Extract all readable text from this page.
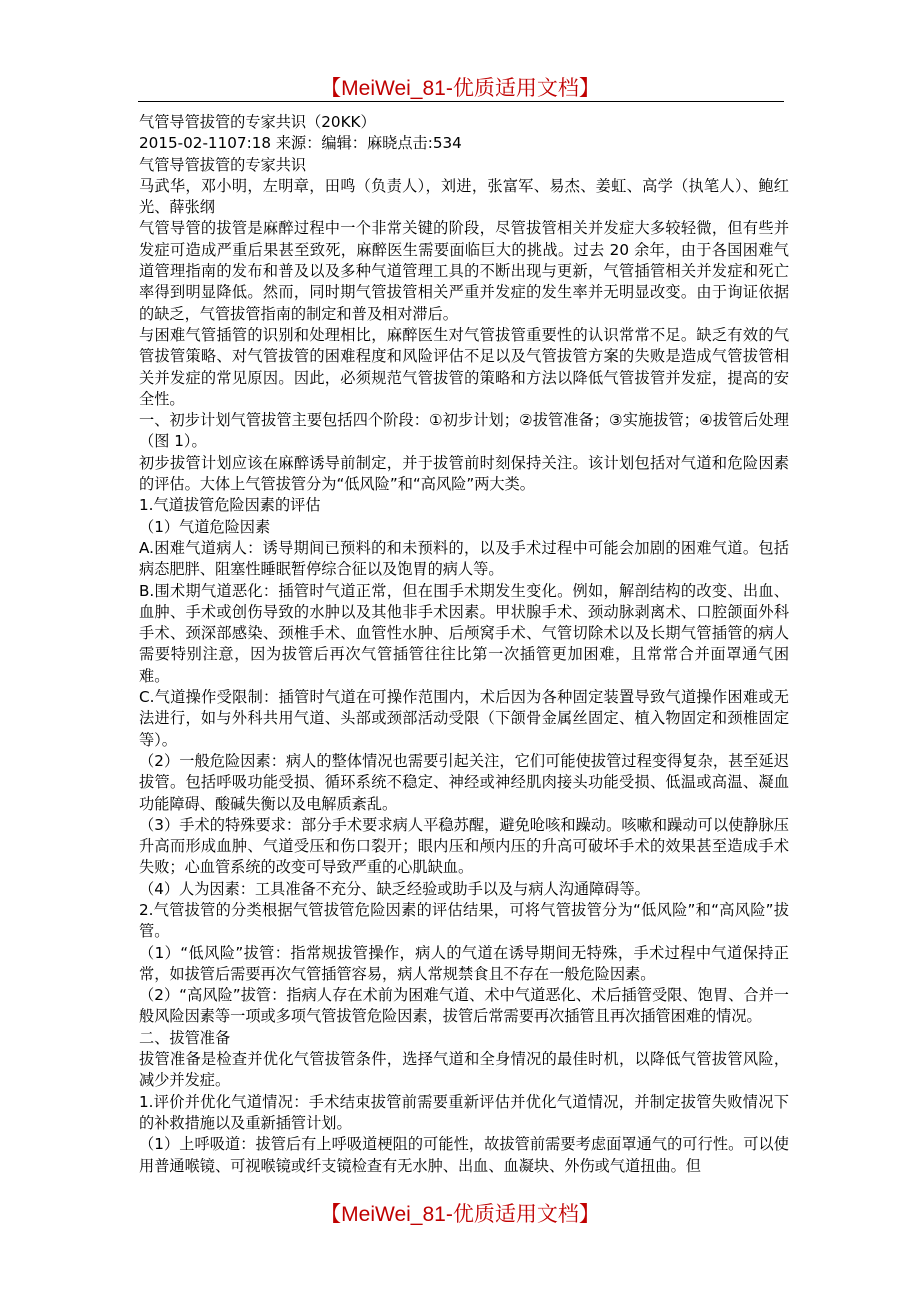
【MeiWei_81-优质适用文档】

气管导管拔管的专家共识（20KK）

2015-02-1107:18 来源：编辑：麻晓点击:534

气管导管拔管的专家共识

马武华，邓小明，左明章，田鸣（负责人），刘进，张富军、易杰、姜虹、高学（执笔人）、鲍红光、薛张纲

气管导管的拔管是麻醉过程中一个非常关键的阶段，尽管拔管相关并发症大多较轻微，但有些并发症可造成严重后果甚至致死，麻醉医生需要面临巨大的挑战。过去 20 余年，由于各国困难气道管理指南的发布和普及以及多种气道管理工具的不断出现与更新，气管插管相关并发症和死亡率得到明显降低。然而，同时期气管拔管相关严重并发症的发生率并无明显改变。由于询证依据的缺乏，气管拔管指南的制定和普及相对滞后。

与困难气管插管的识别和处理相比，麻醉医生对气管拔管重要性的认识常常不足。缺乏有效的气管拔管策略、对气管拔管的困难程度和风险评估不足以及气管拔管方案的失败是造成气管拔管相关并发症的常见原因。因此，必须规范气管拔管的策略和方法以降低气管拔管并发症，提高的安全性。

一、初步计划气管拔管主要包括四个阶段：①初步计划；②拔管准备；③实施拔管；④拔管后处理（图 1）。

初步拔管计划应该在麻醉诱导前制定，并于拔管前时刻保持关注。该计划包括对气道和危险因素的评估。大体上气管拔管分为“低风险”和“高风险”两大类。

1.气道拔管危险因素的评估

（1）气道危险因素

A.困难气道病人：诱导期间已预料的和未预料的，以及手术过程中可能会加剧的困难气道。包括病态肥胖、阻塞性睡眠暂停综合征以及饱胃的病人等。

B.围术期气道恶化：插管时气道正常，但在围手术期发生变化。例如，解剖结构的改变、出血、血肿、手术或创伤导致的水肿以及其他非手术因素。甲状腺手术、颈动脉剥离术、口腔颌面外科手术、颈深部感染、颈椎手术、血管性水肿、后颅窝手术、气管切除术以及长期气管插管的病人需要特别注意，因为拔管后再次气管插管往往比第一次插管更加困难，且常常合并面罩通气困难。

C.气道操作受限制：插管时气道在可操作范围内，术后因为各种固定装置导致气道操作困难或无法进行，如与外科共用气道、头部或颈部活动受限（下颌骨金属丝固定、植入物固定和颈椎固定等）。

（2）一般危险因素：病人的整体情况也需要引起关注，它们可能使拔管过程变得复杂，甚至延迟拔管。包括呼吸功能受损、循环系统不稳定、神经或神经肌肉接头功能受损、低温或高温、凝血功能障碍、酸碱失衡以及电解质紊乱。

（3）手术的特殊要求：部分手术要求病人平稳苏醒，避免呛咳和躁动。咳嗽和躁动可以使静脉压升高而形成血肿、气道受压和伤口裂开；眼内压和颅内压的升高可破坏手术的效果甚至造成手术失败；心血管系统的改变可导致严重的心肌缺血。

（4）人为因素：工具准备不充分、缺乏经验或助手以及与病人沟通障碍等。

2.气管拔管的分类根据气管拔管危险因素的评估结果，可将气管拔管分为“低风险”和“高风险”拔管。

（1）“低风险”拔管：指常规拔管操作，病人的气道在诱导期间无特殊，手术过程中气道保持正常，如拔管后需要再次气管插管容易，病人常规禁食且不存在一般危险因素。

（2）“高风险”拔管：指病人存在术前为困难气道、术中气道恶化、术后插管受限、饱胃、合并一般风险因素等一项或多项气管拔管危险因素，拔管后常需要再次插管且再次插管困难的情况。

二、拔管准备

拔管准备是检查并优化气管拔管条件，选择气道和全身情况的最佳时机，以降低气管拔管风险，减少并发症。

1.评价并优化气道情况：手术结束拔管前需要重新评估并优化气道情况，并制定拔管失败情况下的补救措施以及重新插管计划。

（1）上呼吸道：拔管后有上呼吸道梗阻的可能性，故拔管前需要考虑面罩通气的可行性。可以使用普通喉镜、可视喉镜或纤支镜检查有无水肿、出血、血凝块、外伤或气道扭曲。但

【MeiWei_81-优质适用文档】
